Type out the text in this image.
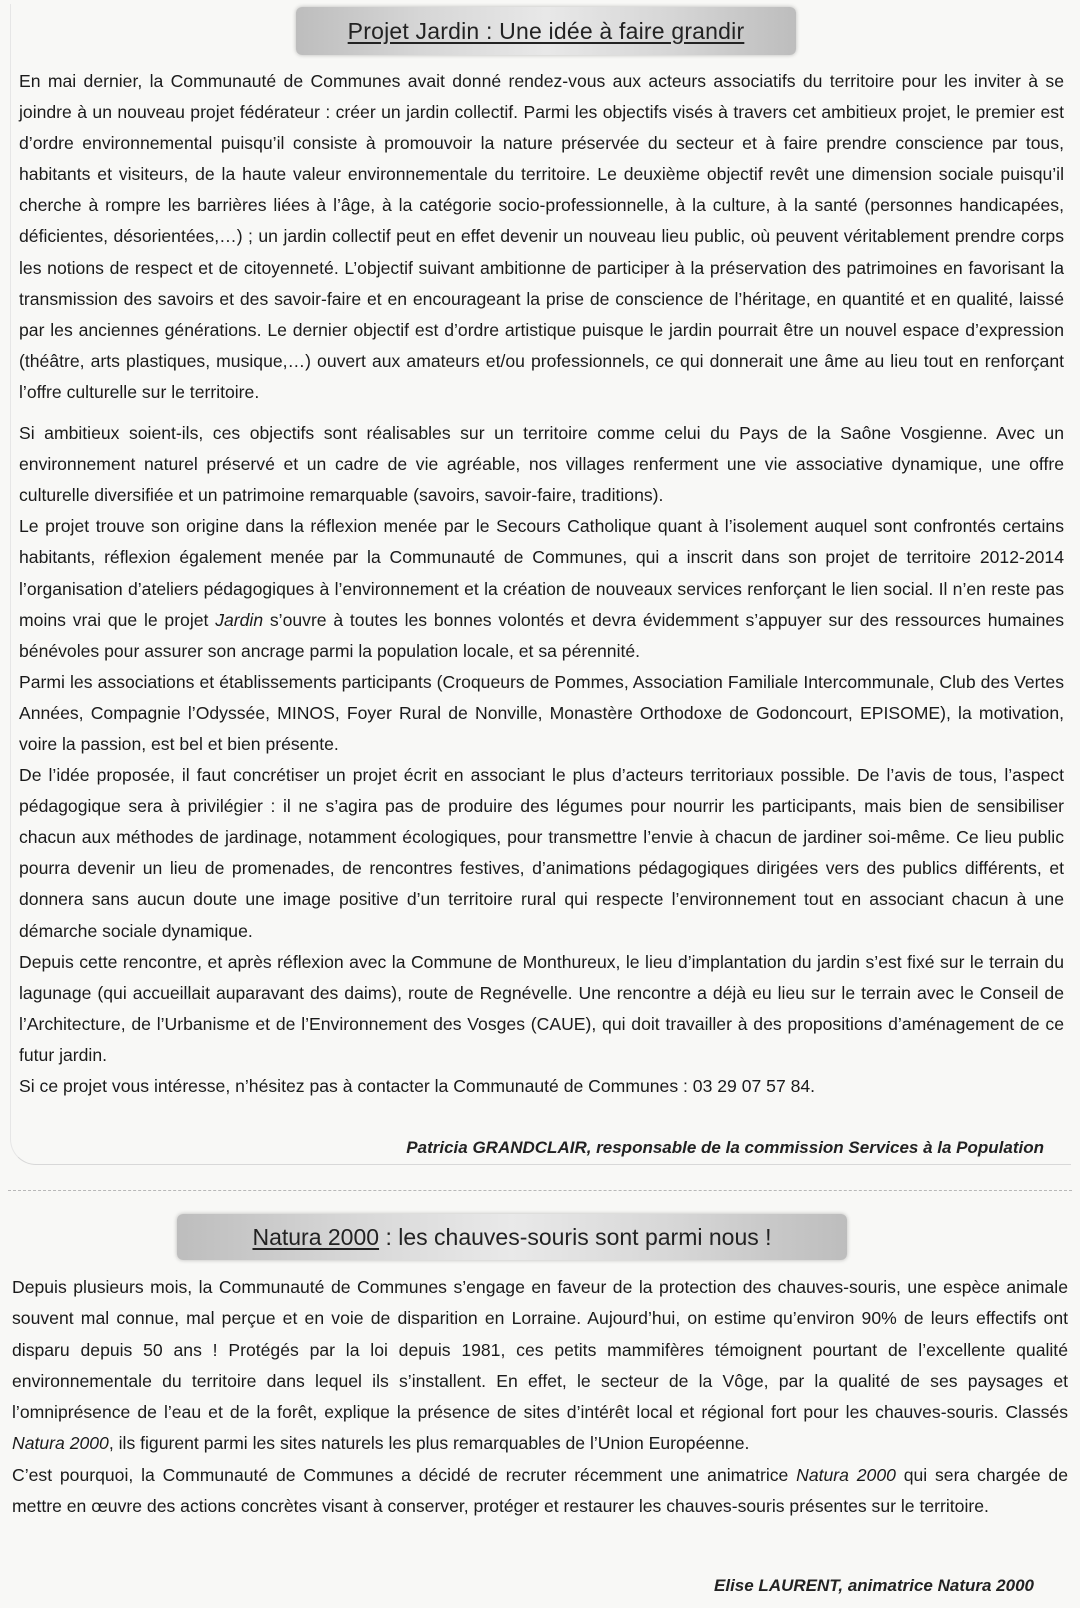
Projet Jardin : Une idée à faire grandir

En mai dernier, la Communauté de Communes avait donné rendez-vous aux acteurs associatifs du territoire pour les inviter à se joindre à un nouveau projet fédérateur : créer un jardin collectif. Parmi les objectifs visés à travers cet ambitieux projet, le premier est d’ordre environnemental puisqu’il consiste à promouvoir la nature préservée du secteur et à faire prendre conscience par tous, habitants et visiteurs, de la haute valeur environnementale du territoire. Le deuxième objectif revêt une dimension sociale puisqu’il cherche à rompre les barrières liées à l’âge, à la catégorie socio-professionnelle, à la culture, à la santé (personnes handicapées, déficientes, désorientées,…) ; un jardin collectif peut en effet devenir un nouveau lieu public, où peuvent véritablement prendre corps les notions de respect et de citoyenneté. L’objectif suivant ambitionne de participer à la préservation des patrimoines en favorisant la transmission des savoirs et des savoir-faire et en encourageant la prise de conscience de l’héritage, en quantité et en qualité, laissé par les anciennes générations. Le dernier objectif est d’ordre artistique puisque le jardin pourrait être un nouvel espace d’expression (théâtre, arts plastiques, musique,…) ouvert aux amateurs et/ou professionnels, ce qui donnerait une âme au lieu tout en renforçant l’offre culturelle sur le territoire.

Si ambitieux soient-ils, ces objectifs sont réalisables sur un territoire comme celui du Pays de la Saône Vosgienne. Avec un environnement naturel préservé et un cadre de vie agréable, nos villages renferment une vie associative dynamique, une offre culturelle diversifiée et un patrimoine remarquable (savoirs, savoir-faire, traditions).

Le projet trouve son origine dans la réflexion menée par le Secours Catholique quant à l’isolement auquel sont confrontés certains habitants, réflexion également menée par la Communauté de Communes, qui a inscrit dans son projet de territoire 2012-2014 l’organisation d’ateliers pédagogiques à l’environnement et la création de nouveaux services renforçant le lien social. Il n’en reste pas moins vrai que le projet Jardin s’ouvre à toutes les bonnes volontés et devra évidemment s’appuyer sur des ressources humaines bénévoles pour assurer son ancrage parmi la population locale, et sa pérennité.

Parmi les associations et établissements participants (Croqueurs de Pommes, Association Familiale Intercommunale, Club des Vertes Années, Compagnie l’Odyssée, MINOS, Foyer Rural de Nonville, Monastère Orthodoxe de Godoncourt, EPISOME), la motivation, voire la passion, est bel et bien présente.

De l’idée proposée, il faut concrétiser un projet écrit en associant le plus d’acteurs territoriaux possible. De l’avis de tous, l’aspect pédagogique sera à privilégier : il ne s’agira pas de produire des légumes pour nourrir les participants, mais bien de sensibiliser chacun aux méthodes de jardinage, notamment écologiques, pour transmettre l’envie à chacun de jardiner soi-même. Ce lieu public pourra devenir un lieu de promenades, de rencontres festives, d’animations pédagogiques dirigées vers des publics différents, et donnera sans aucun doute une image positive d’un territoire rural qui respecte l’environnement tout en associant chacun à une démarche sociale dynamique.

Depuis cette rencontre, et après réflexion avec la Commune de Monthureux, le lieu d’implantation du jardin s’est fixé sur le terrain du lagunage (qui accueillait auparavant des daims), route de Regnévelle. Une rencontre a déjà eu lieu sur le terrain avec le Conseil de l’Architecture, de l’Urbanisme et de l’Environnement des Vosges (CAUE), qui doit travailler à des propositions d’aménagement de ce futur jardin.

Si ce projet vous intéresse, n’hésitez pas à contacter la Communauté de Communes : 03 29 07 57 84.

Patricia GRANDCLAIR, responsable de la commission Services à la Population
Natura 2000 : les chauves-souris sont parmi nous !

Depuis plusieurs mois, la Communauté de Communes s’engage en faveur de la protection des chauves-souris, une espèce animale souvent mal connue, mal perçue et en voie de disparition en Lorraine. Aujourd’hui, on estime qu’environ 90% de leurs effectifs ont disparu depuis 50 ans ! Protégés par la loi depuis 1981, ces petits mammifères témoignent pourtant de l’excellente qualité environnementale du territoire dans lequel ils s’installent. En effet, le secteur de la Vôge, par la qualité de ses paysages et l’omniprésence de l’eau et de la forêt, explique la présence de sites d’intérêt local et régional fort pour les chauves-souris. Classés Natura 2000, ils figurent parmi les sites naturels les plus remarquables de l’Union Européenne.

C’est pourquoi, la Communauté de Communes a décidé de recruter récemment une animatrice Natura 2000 qui sera chargée de mettre en œuvre des actions concrètes visant à conserver, protéger et restaurer les chauves-souris présentes sur le territoire.

Elise LAURENT, animatrice Natura 2000
